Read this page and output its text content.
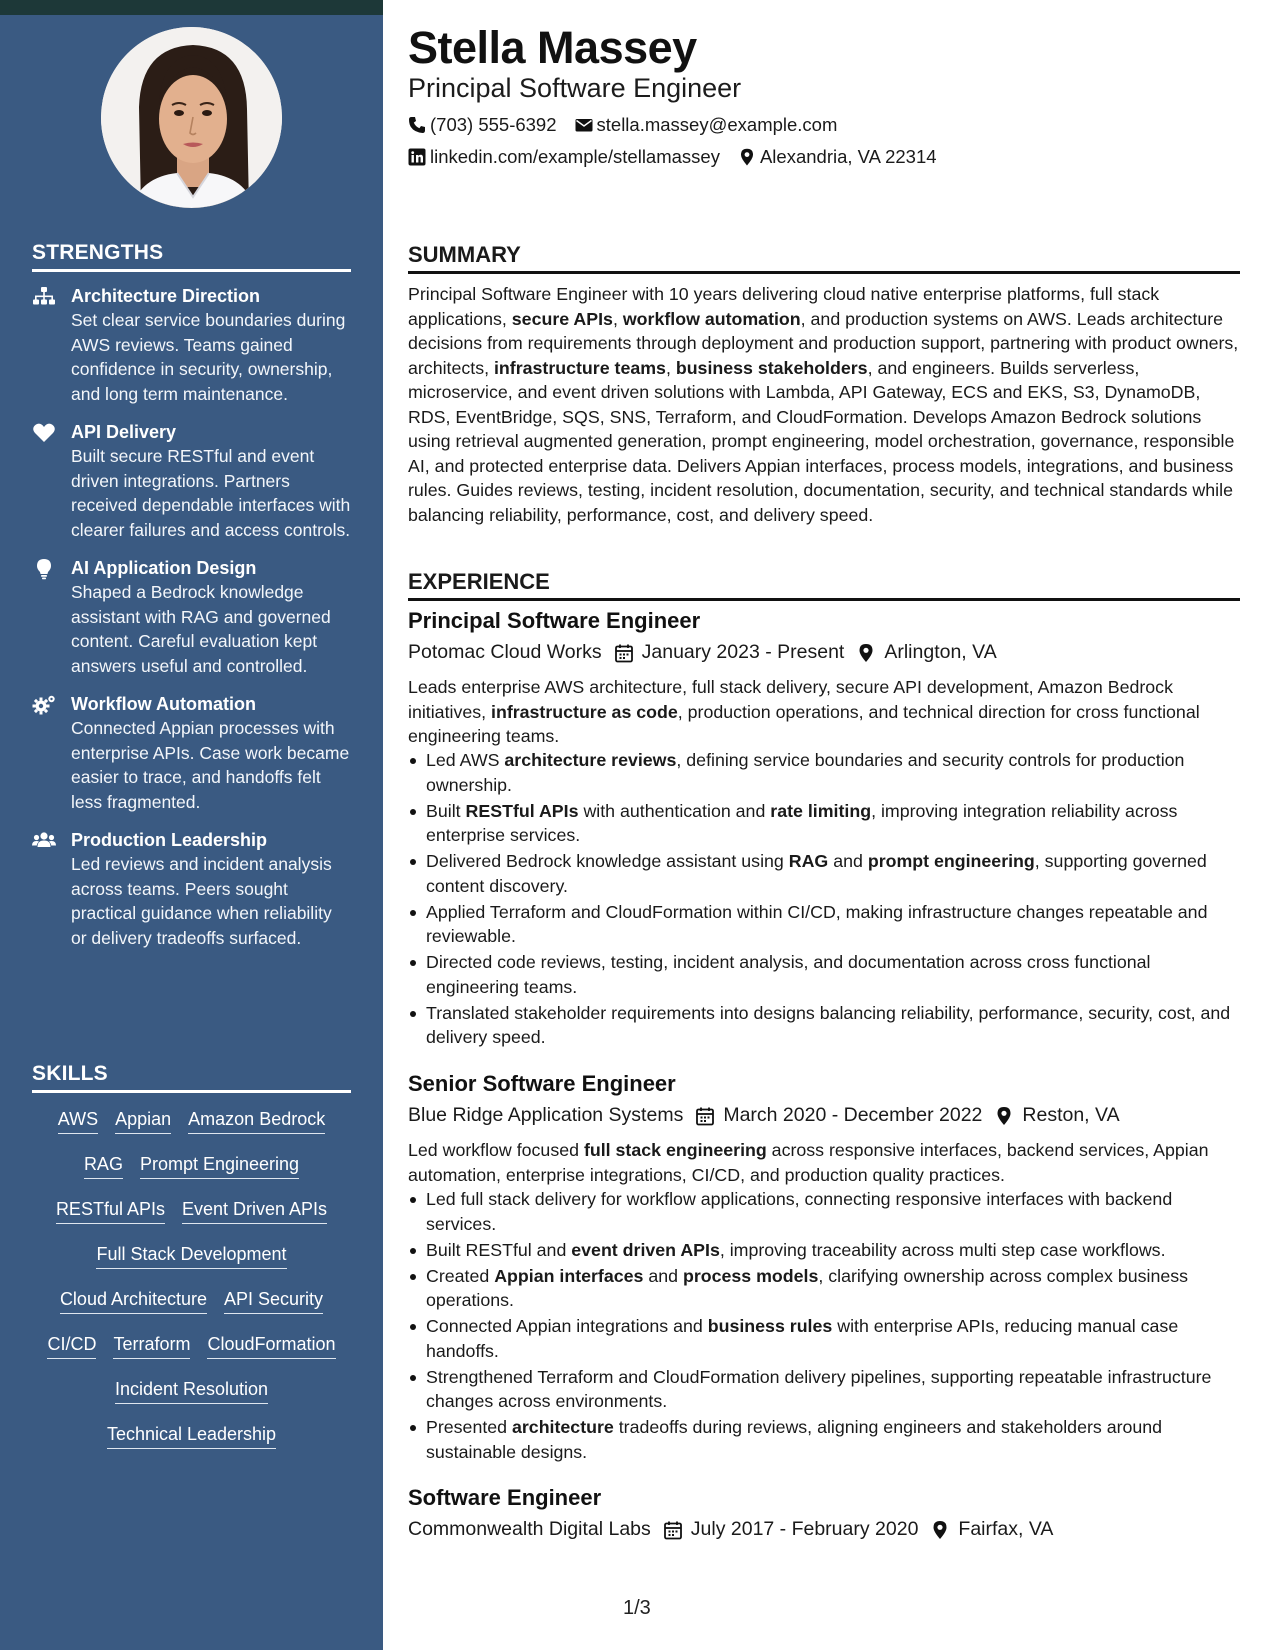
STRENGTHS
Architecture Direction
Set clear service boundaries during AWS reviews. Teams gained confidence in security, ownership, and long term maintenance.
API Delivery
Built secure RESTful and event driven integrations. Partners received dependable interfaces with clearer failures and access controls.
AI Application Design
Shaped a Bedrock knowledge assistant with RAG and governed content. Careful evaluation kept answers useful and controlled.
Workflow Automation
Connected Appian processes with enterprise APIs. Case work became easier to trace, and handoffs felt less fragmented.
Production Leadership
Led reviews and incident analysis across teams. Peers sought practical guidance when reliability or delivery tradeoffs surfaced.
SKILLS
AWS Appian Amazon Bedrock
RAG Prompt Engineering
RESTful APIs Event Driven APIs
Full Stack Development
Cloud Architecture API Security
CI/CD Terraform CloudFormation
Incident Resolution
Technical Leadership
Stella Massey
Principal Software Engineer
(703) 555-6392 stella.massey@example.com
linkedin.com/example/stellamassey Alexandria, VA 22314
SUMMARY
Principal Software Engineer with 10 years delivering cloud native enterprise platforms, full stack applications, secure APIs, workflow automation, and production systems on AWS. Leads architecture decisions from requirements through deployment and production support, partnering with product owners, architects, infrastructure teams, business stakeholders, and engineers. Builds serverless, microservice, and event driven solutions with Lambda, API Gateway, ECS and EKS, S3, DynamoDB, RDS, EventBridge, SQS, SNS, Terraform, and CloudFormation. Develops Amazon Bedrock solutions using retrieval augmented generation, prompt engineering, model orchestration, governance, responsible AI, and protected enterprise data. Delivers Appian interfaces, process models, integrations, and business rules. Guides reviews, testing, incident resolution, documentation, security, and technical standards while balancing reliability, performance, cost, and delivery speed.
EXPERIENCE
Principal Software Engineer
Potomac Cloud Works January 2023 - Present Arlington, VA
Leads enterprise AWS architecture, full stack delivery, secure API development, Amazon Bedrock initiatives, infrastructure as code, production operations, and technical direction for cross functional engineering teams.
Led AWS architecture reviews, defining service boundaries and security controls for production ownership.
Built RESTful APIs with authentication and rate limiting, improving integration reliability across enterprise services.
Delivered Bedrock knowledge assistant using RAG and prompt engineering, supporting governed content discovery.
Applied Terraform and CloudFormation within CI/CD, making infrastructure changes repeatable and reviewable.
Directed code reviews, testing, incident analysis, and documentation across cross functional engineering teams.
Translated stakeholder requirements into designs balancing reliability, performance, security, cost, and delivery speed.
Senior Software Engineer
Blue Ridge Application Systems March 2020 - December 2022 Reston, VA
Led workflow focused full stack engineering across responsive interfaces, backend services, Appian automation, enterprise integrations, CI/CD, and production quality practices.
Led full stack delivery for workflow applications, connecting responsive interfaces with backend services.
Built RESTful and event driven APIs, improving traceability across multi step case workflows.
Created Appian interfaces and process models, clarifying ownership across complex business operations.
Connected Appian integrations and business rules with enterprise APIs, reducing manual case handoffs.
Strengthened Terraform and CloudFormation delivery pipelines, supporting repeatable infrastructure changes across environments.
Presented architecture tradeoffs during reviews, aligning engineers and stakeholders around sustainable designs.
Software Engineer
Commonwealth Digital Labs July 2017 - February 2020 Fairfax, VA
1/3
